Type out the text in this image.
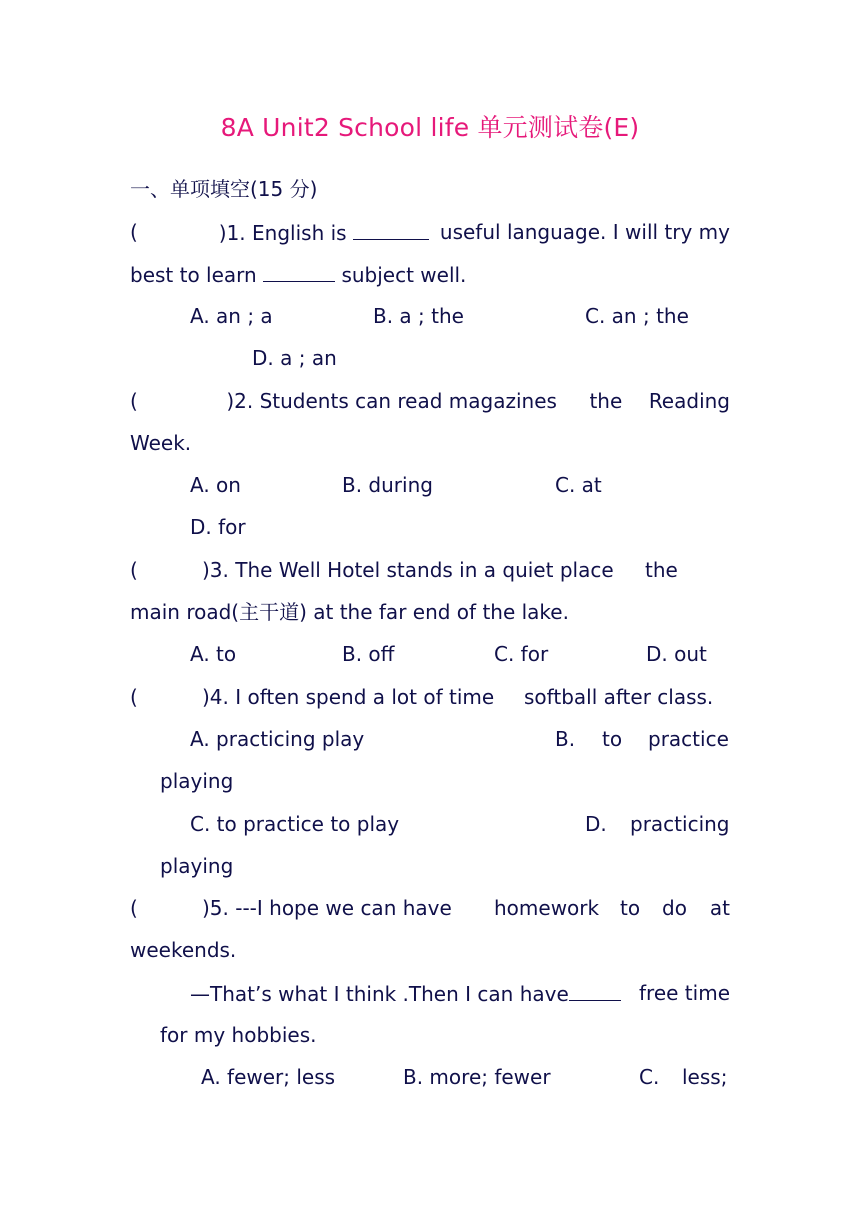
8A Unit2 School life 单元测试卷(E)
一、单项填空(15 分)
(	)1. English is	useful language. I will try my
best to learn	subject well.
A. an ; a	B. a ; the	C. an ; the
D. a ; an
(	)2. Students can read magazines the Reading
Week.
A. on	B. during	C. at
D. for
(	)3. The Well Hotel stands in a quiet place the
main road(主干道) at the far end of the lake.
A. to	B. off	C. for	D. out
(	)4. I often spend a lot of time softball after class.
A. practicing play	B. to practice
playing
C. to practice to play	D. practicing
playing
(	)5. ---I hope we can have homework to do at
weekends.
—That’s what I think .Then I can have	free time
for my hobbies.
A. fewer; less	B. more; fewer	C. less;
